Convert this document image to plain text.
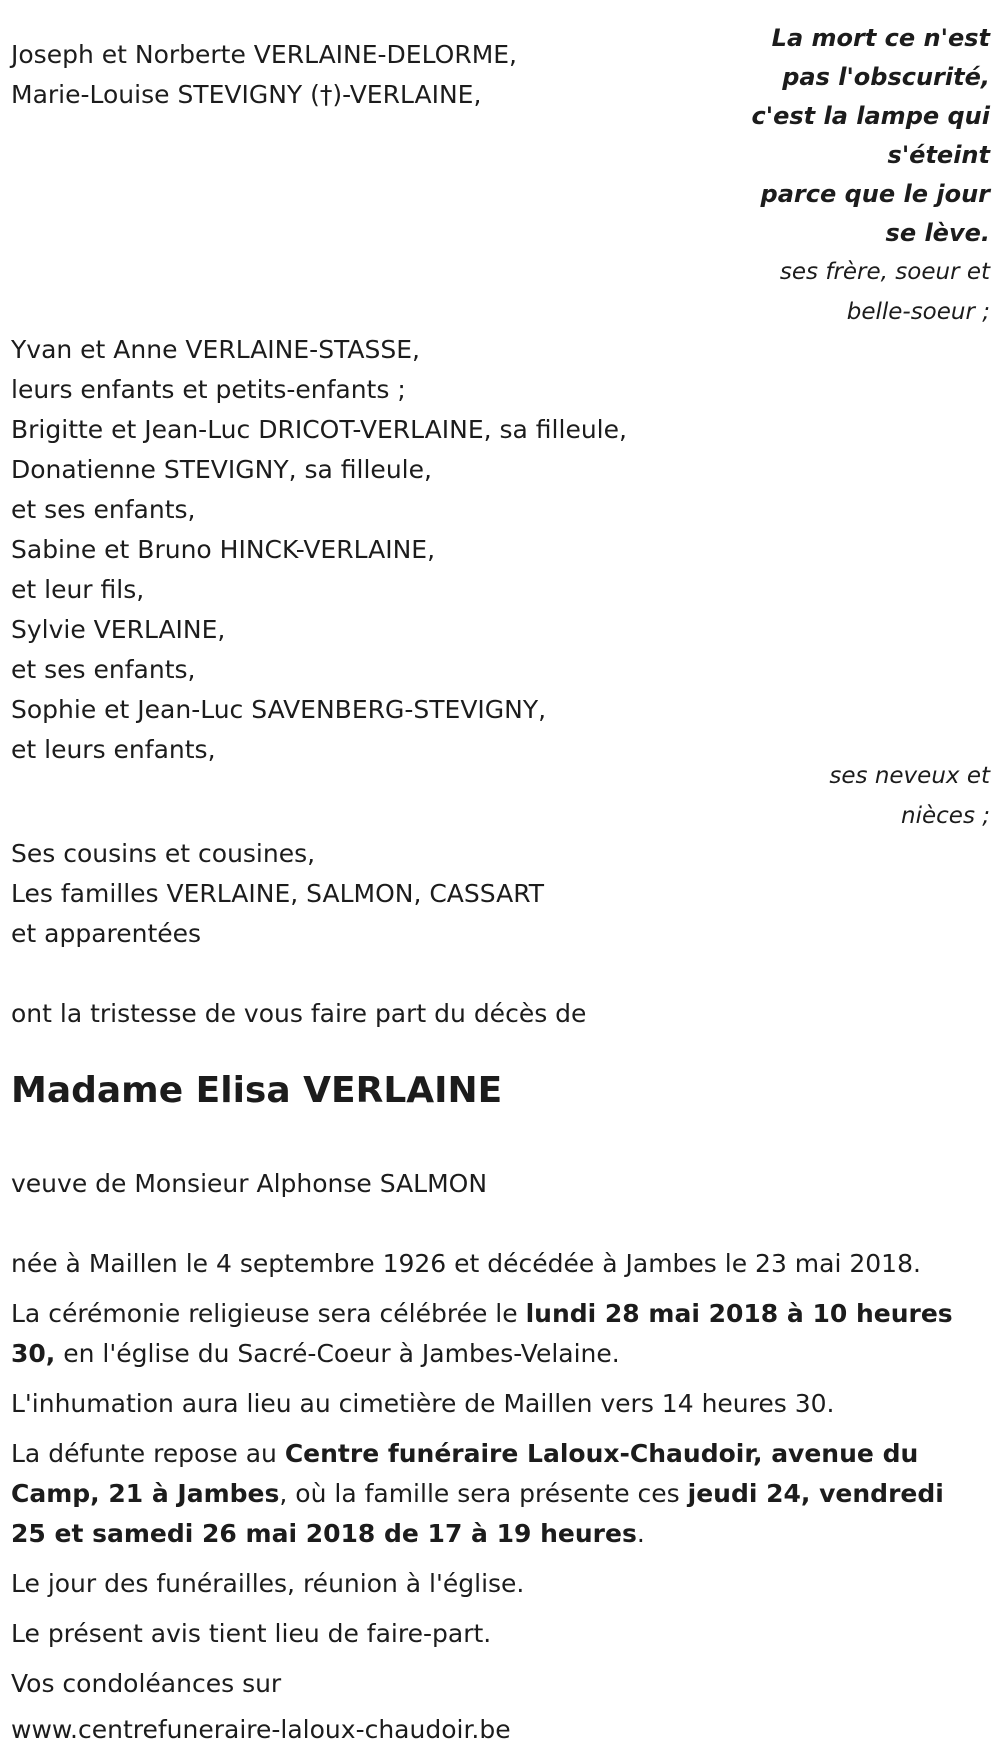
Joseph et Norberte VERLAINE-DELORME,
Marie-Louise STEVIGNY (†)-VERLAINE,
La mort ce n'est
pas l'obscurité,
c'est la lampe qui
s'éteint
parce que le jour
se lève.
ses frère, soeur et
belle-soeur ;
Yvan et Anne VERLAINE-STASSE,
leurs enfants et petits-enfants ;
Brigitte et Jean-Luc DRICOT-VERLAINE, sa filleule,
Donatienne STEVIGNY, sa filleule,
et ses enfants,
Sabine et Bruno HINCK-VERLAINE,
et leur fils,
Sylvie VERLAINE,
et ses enfants,
Sophie et Jean-Luc SAVENBERG-STEVIGNY,
et leurs enfants,
ses neveux et
nièces ;
Ses cousins et cousines,
Les familles VERLAINE, SALMON, CASSART
et apparentées
ont la tristesse de vous faire part du décès de
Madame Elisa VERLAINE
veuve de Monsieur Alphonse SALMON
née à Maillen le 4 septembre 1926 et décédée à Jambes le 23 mai 2018.
La cérémonie religieuse sera célébrée le lundi 28 mai 2018 à 10 heures 30, en l'église du Sacré-Coeur à Jambes-Velaine.
L'inhumation aura lieu au cimetière de Maillen vers 14 heures 30.
La défunte repose au Centre funéraire Laloux-Chaudoir, avenue du Camp, 21 à Jambes, où la famille sera présente ces jeudi 24, vendredi 25 et samedi 26 mai 2018 de 17 à 19 heures.
Le jour des funérailles, réunion à l'église.
Le présent avis tient lieu de faire-part.
Vos condoléances sur
www.centrefuneraire-laloux-chaudoir.be
